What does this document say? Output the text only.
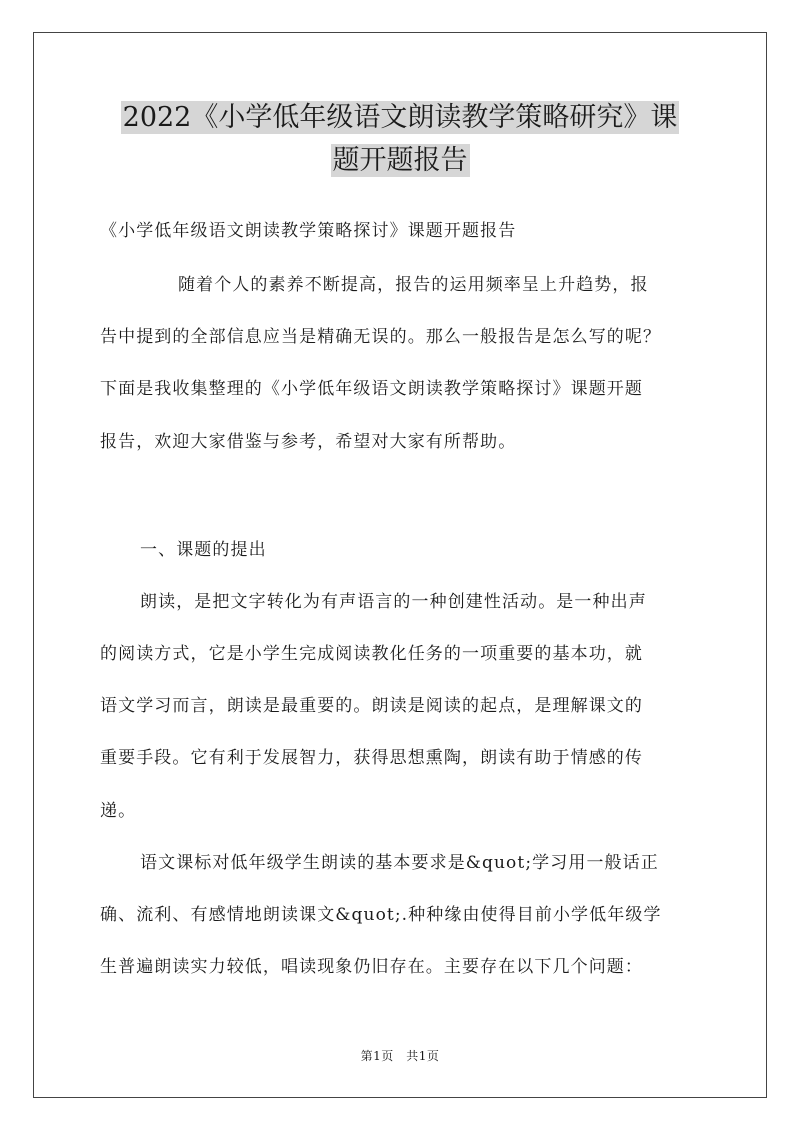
2022《小学低年级语文朗读教学策略研究》课
题开题报告

《小学低年级语文朗读教学策略探讨》课题开题报告

随着个人的素养不断提高，报告的运用频率呈上升趋势，报

告中提到的全部信息应当是精确无误的。那么一般报告是怎么写的呢？

下面是我收集整理的《小学低年级语文朗读教学策略探讨》课题开题

报告，欢迎大家借鉴与参考，希望对大家有所帮助。

一、课题的提出

朗读，是把文字转化为有声语言的一种创建性活动。是一种出声

的阅读方式，它是小学生完成阅读教化任务的一项重要的基本功，就

语文学习而言，朗读是最重要的。朗读是阅读的起点，是理解课文的

重要手段。它有利于发展智力，获得思想熏陶，朗读有助于情感的传

递。

语文课标对低年级学生朗读的基本要求是&quot;学习用一般话正

确、流利、有感情地朗读课文&quot;.种种缘由使得目前小学低年级学

生普遍朗读实力较低，唱读现象仍旧存在。主要存在以下几个问题：

第1页　共1页
